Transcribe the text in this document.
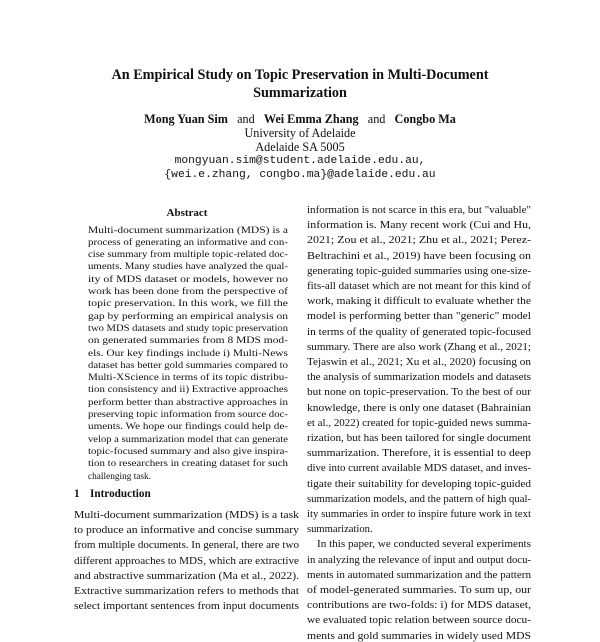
An Empirical Study on Topic Preservation in Multi-Document
Summarization
Mong Yuan Sim and Wei Emma Zhang and Congbo Ma
University of Adelaide
Adelaide SA 5005
mongyuan.sim@student.adelaide.edu.au,
{wei.e.zhang, congbo.ma}@adelaide.edu.au
Abstract
Multi-document summarization (MDS) is a
process of generating an informative and con-
cise summary from multiple topic-related doc-
uments. Many studies have analyzed the qual-
ity of MDS dataset or models, however no
work has been done from the perspective of
topic preservation. In this work, we fill the
gap by performing an empirical analysis on
two MDS datasets and study topic preservation
on generated summaries from 8 MDS mod-
els. Our key findings include i) Multi-News
dataset has better gold summaries compared to
Multi-XScience in terms of its topic distribu-
tion consistency and ii) Extractive approaches
perform better than abstractive approaches in
preserving topic information from source doc-
uments. We hope our findings could help de-
velop a summarization model that can generate
topic-focused summary and also give inspira-
tion to researchers in creating dataset for such
challenging task.
1 Introduction
Multi-document summarization (MDS) is a task
to produce an informative and concise summary
from multiple documents. In general, there are two
different approaches to MDS, which are extractive
and abstractive summarization (Ma et al., 2022).
Extractive summarization refers to methods that
select important sentences from input documents
information is not scarce in this era, but "valuable"
information is. Many recent work (Cui and Hu,
2021; Zou et al., 2021; Zhu et al., 2021; Perez-
Beltrachini et al., 2019) have been focusing on
generating topic-guided summaries using one-size-
fits-all dataset which are not meant for this kind of
work, making it difficult to evaluate whether the
model is performing better than "generic" model
in terms of the quality of generated topic-focused
summary. There are also work (Zhang et al., 2021;
Tejaswin et al., 2021; Xu et al., 2020) focusing on
the analysis of summarization models and datasets
but none on topic-preservation. To the best of our
knowledge, there is only one dataset (Bahrainian
et al., 2022) created for topic-guided news summa-
rization, but has been tailored for single document
summarization. Therefore, it is essential to deep
dive into current available MDS dataset, and inves-
tigate their suitability for developing topic-guided
summarization models, and the pattern of high qual-
ity summaries in order to inspire future work in text
summarization.
In this paper, we conducted several experiments
in analyzing the relevance of input and output docu-
ments in automated summarization and the pattern
of model-generated summaries. To sum up, our
contributions are two-folds: i) for MDS dataset,
we evaluated topic relation between source docu-
ments and gold summaries in widely used MDS
